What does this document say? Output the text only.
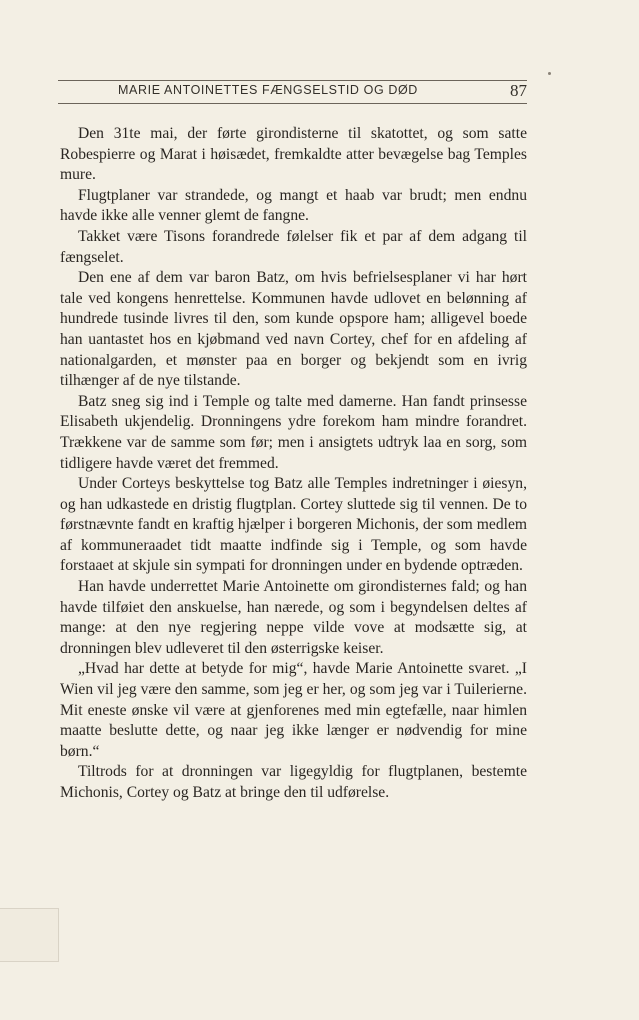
MARIE ANTOINETTES FÆNGSELSTID OG DØD	87

Den 31te mai, der førte girondisterne til skatottet, og som satte Robespierre og Marat i høisædet, fremkaldte atter bevægelse bag Temples mure.

Flugtplaner var strandede, og mangt et haab var brudt; men endnu havde ikke alle venner glemt de fangne.

Takket være Tisons forandrede følelser fik et par af dem adgang til fængselet.

Den ene af dem var baron Batz, om hvis befrielsesplaner vi har hørt tale ved kongens henrettelse. Kommunen havde udlovet en belønning af hundrede tusinde livres til den, som kunde opspore ham; alligevel boede han uantastet hos en kjøbmand ved navn Cortey, chef for en afdeling af nationalgarden, et mønster paa en borger og bekjendt som en ivrig tilhænger af de nye tilstande.

Batz sneg sig ind i Temple og talte med damerne. Han fandt prinsesse Elisabeth ukjendelig. Dronningens ydre forekom ham mindre forandret. Trækkene var de samme som før; men i ansigtets udtryk laa en sorg, som tidligere havde været det fremmed.

Under Corteys beskyttelse tog Batz alle Temples indretninger i øiesyn, og han udkastede en dristig flugtplan. Cortey sluttede sig til vennen. De to førstnævnte fandt en kraftig hjælper i borgeren Michonis, der som medlem af kommuneraadet tidt maatte indfinde sig i Temple, og som havde forstaaet at skjule sin sympati for dronningen under en bydende optræden.

Han havde underrettet Marie Antoinette om girondisternes fald; og han havde tilføiet den anskuelse, han nærede, og som i begyndelsen deltes af mange: at den nye regjering neppe vilde vove at modsætte sig, at dronningen blev udleveret til den østerrigske keiser.

„Hvad har dette at betyde for mig“, havde Marie Antoinette svaret. „I Wien vil jeg være den samme, som jeg er her, og som jeg var i Tuilerierne. Mit eneste ønske vil være at gjenforenes med min egtefælle, naar himlen maatte beslutte dette, og naar jeg ikke længer er nødvendig for mine børn.“

Tiltrods for at dronningen var ligegyldig for flugtplanen, bestemte Michonis, Cortey og Batz at bringe den til udførelse.
